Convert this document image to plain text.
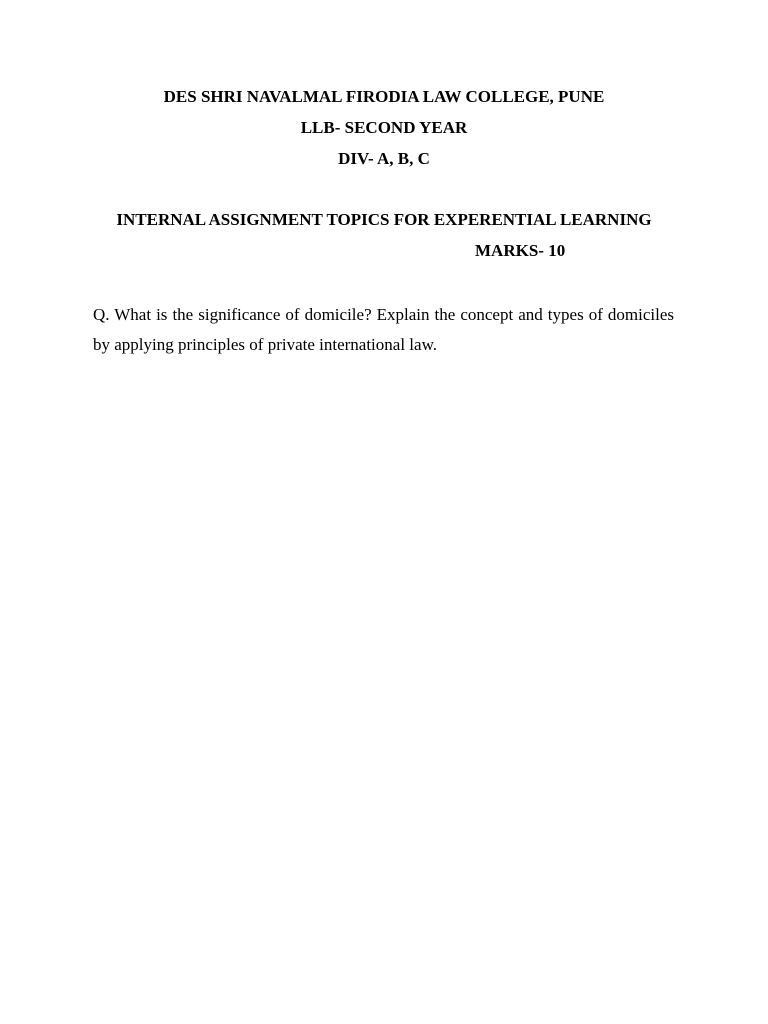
DES SHRI NAVALMAL FIRODIA LAW COLLEGE, PUNE
LLB- SECOND YEAR
DIV- A, B, C
INTERNAL ASSIGNMENT TOPICS FOR EXPERENTIAL LEARNING
MARKS- 10

Q. What is the significance of domicile? Explain the concept and types of domiciles by applying principles of private international law.
